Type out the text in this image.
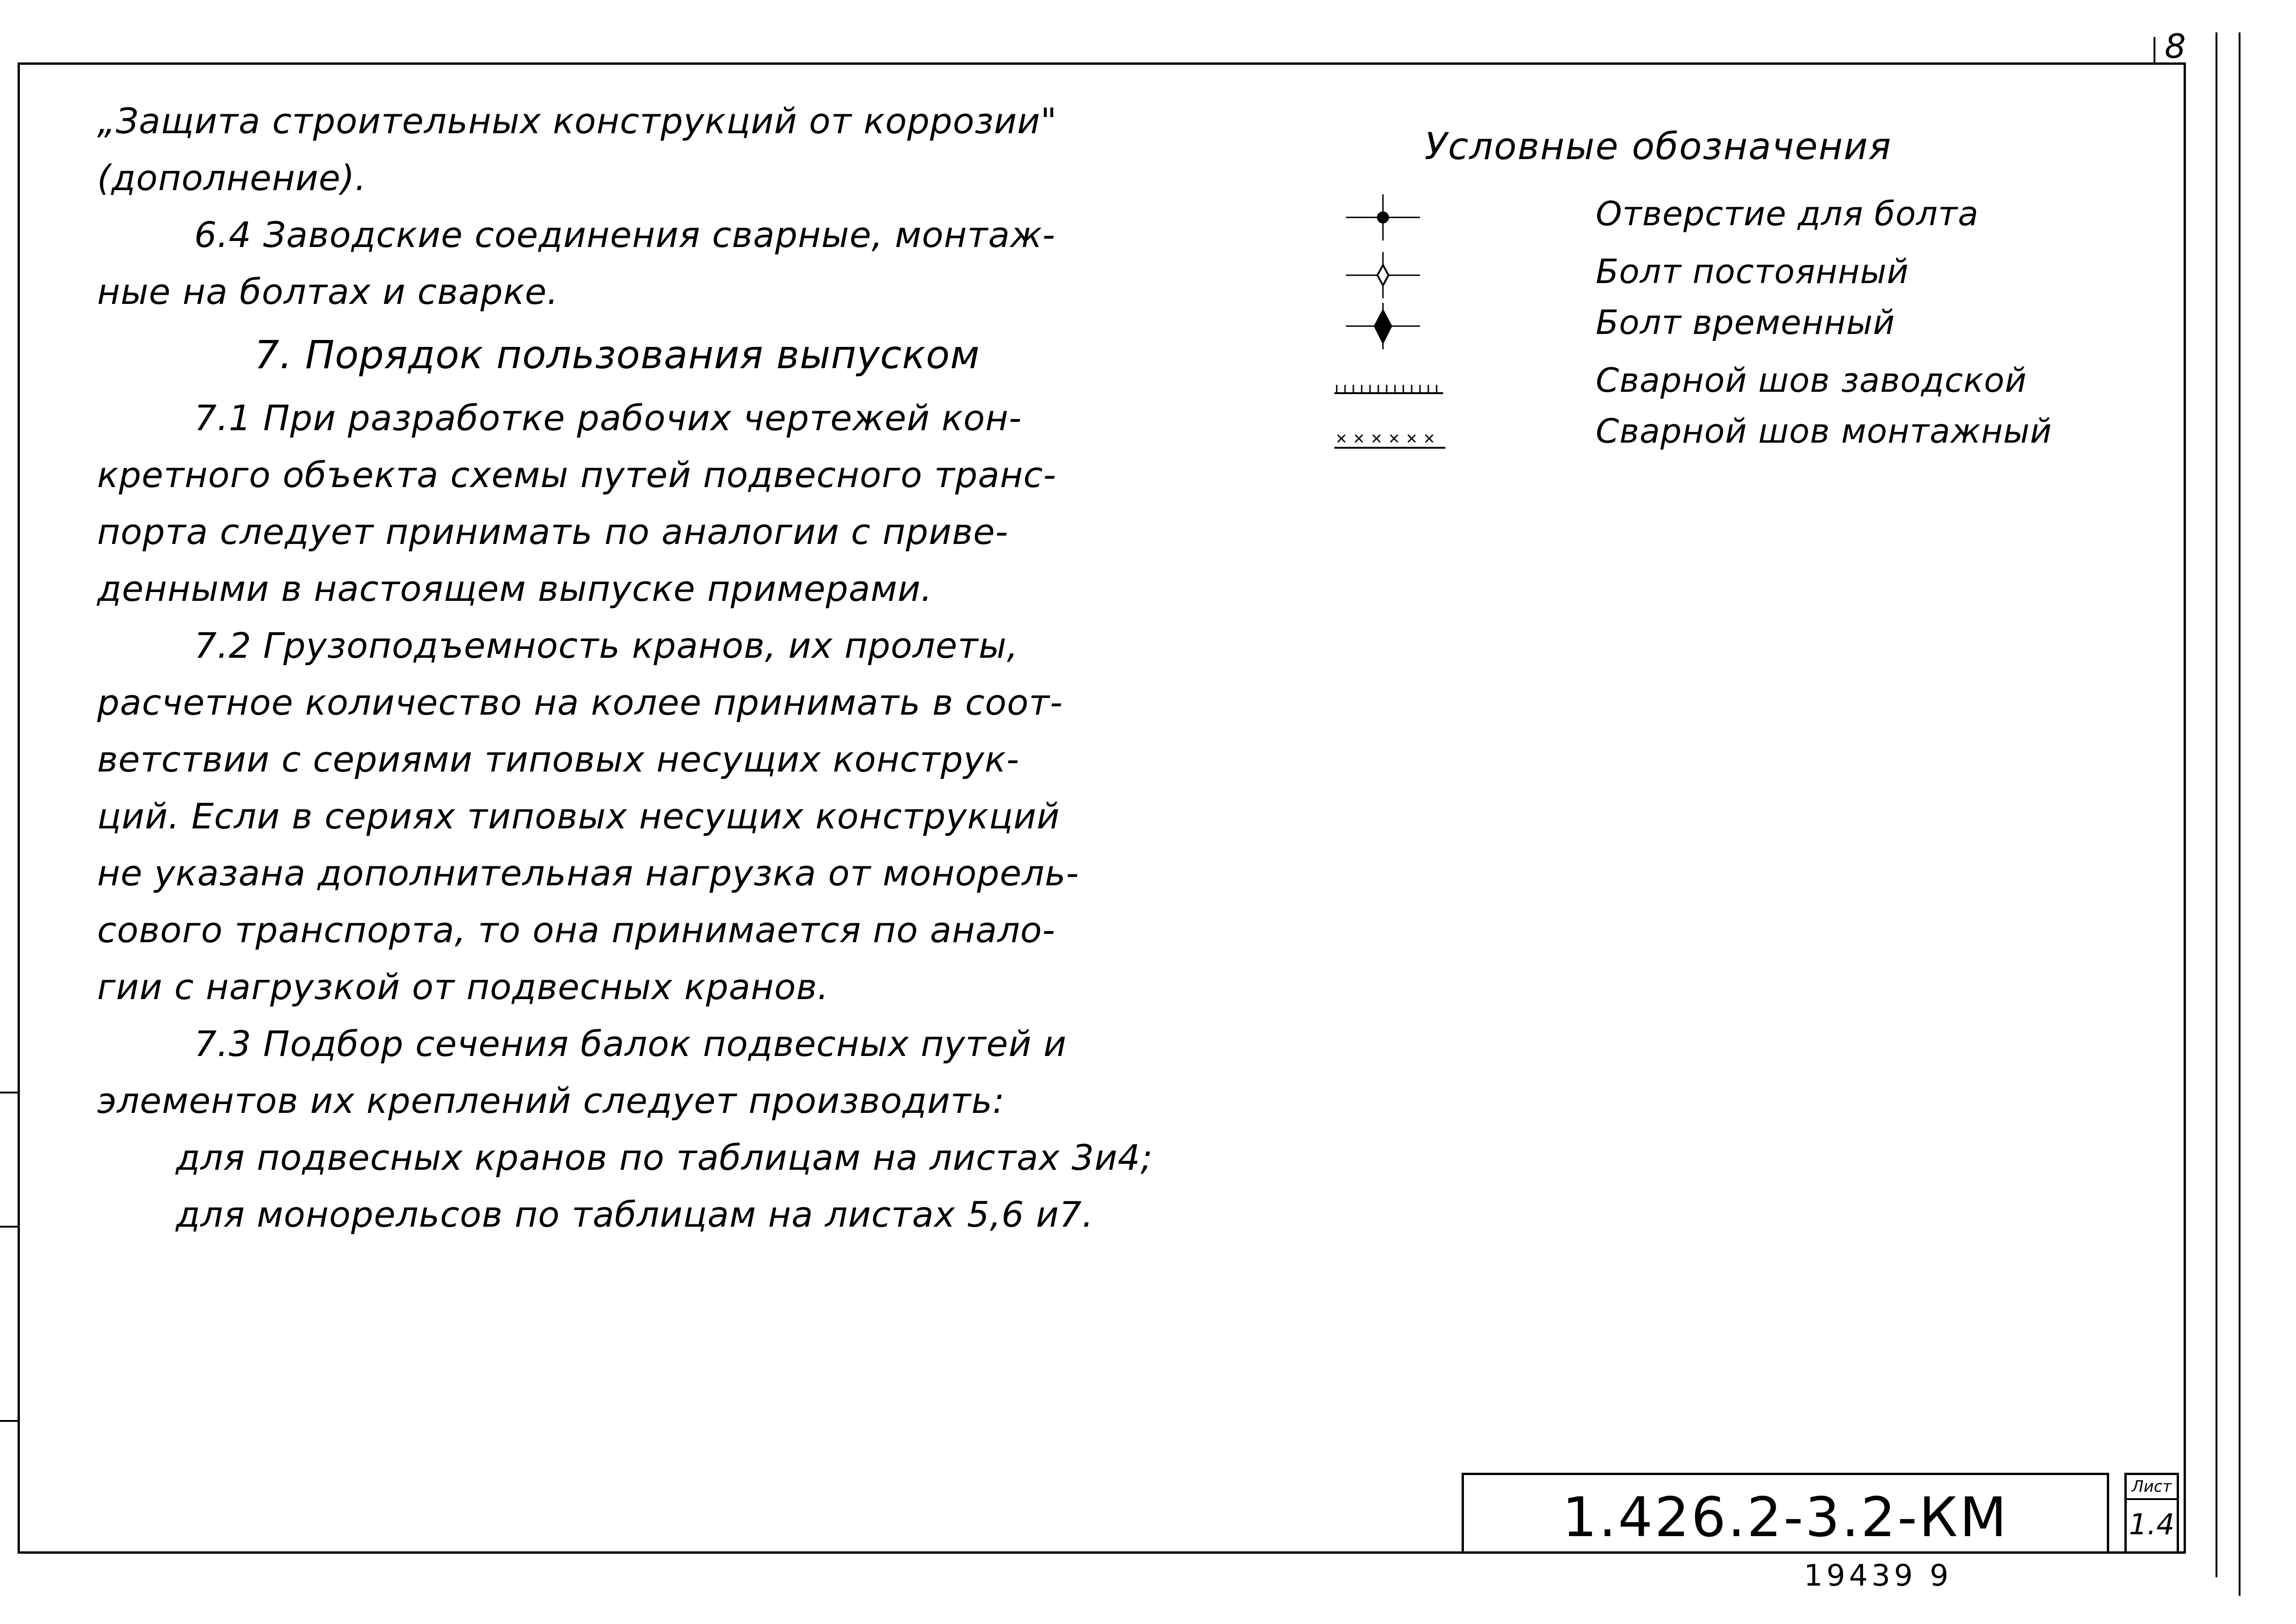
8

„Защита строительных конструкций от коррозии"

(дополнение).

6.4 Заводские соединения сварные, монтаж-

ные на болтах и сварке.

7. Порядок пользования выпуском

7.1 При разработке рабочих чертежей кон-

кретного объекта схемы путей подвесного транс-

порта следует принимать по аналогии с приве-

денными в настоящем выпуске примерами.

7.2 Грузоподъемность кранов, их пролеты,

расчетное количество на колее принимать в соот-

ветствии с сериями типовых несущих конструк-

ций. Если в сериях типовых несущих конструкций

не указана дополнительная нагрузка от монорель-

сового транспорта, то она принимается по анало-

гии с нагрузкой от подвесных кранов.

7.3 Подбор сечения балок подвесных путей и

элементов их креплений следует производить:

для подвесных кранов по таблицам на листах 3и4;

для монорельсов по таблицам на листах 5,6 и7.

Условные обозначения
Отверстие для болта
Болт постоянный
Болт временный
Сварной шов заводской
Сварной шов монтажный
1.426.2-3.2-КМ	Лист
1.4
19439 9
